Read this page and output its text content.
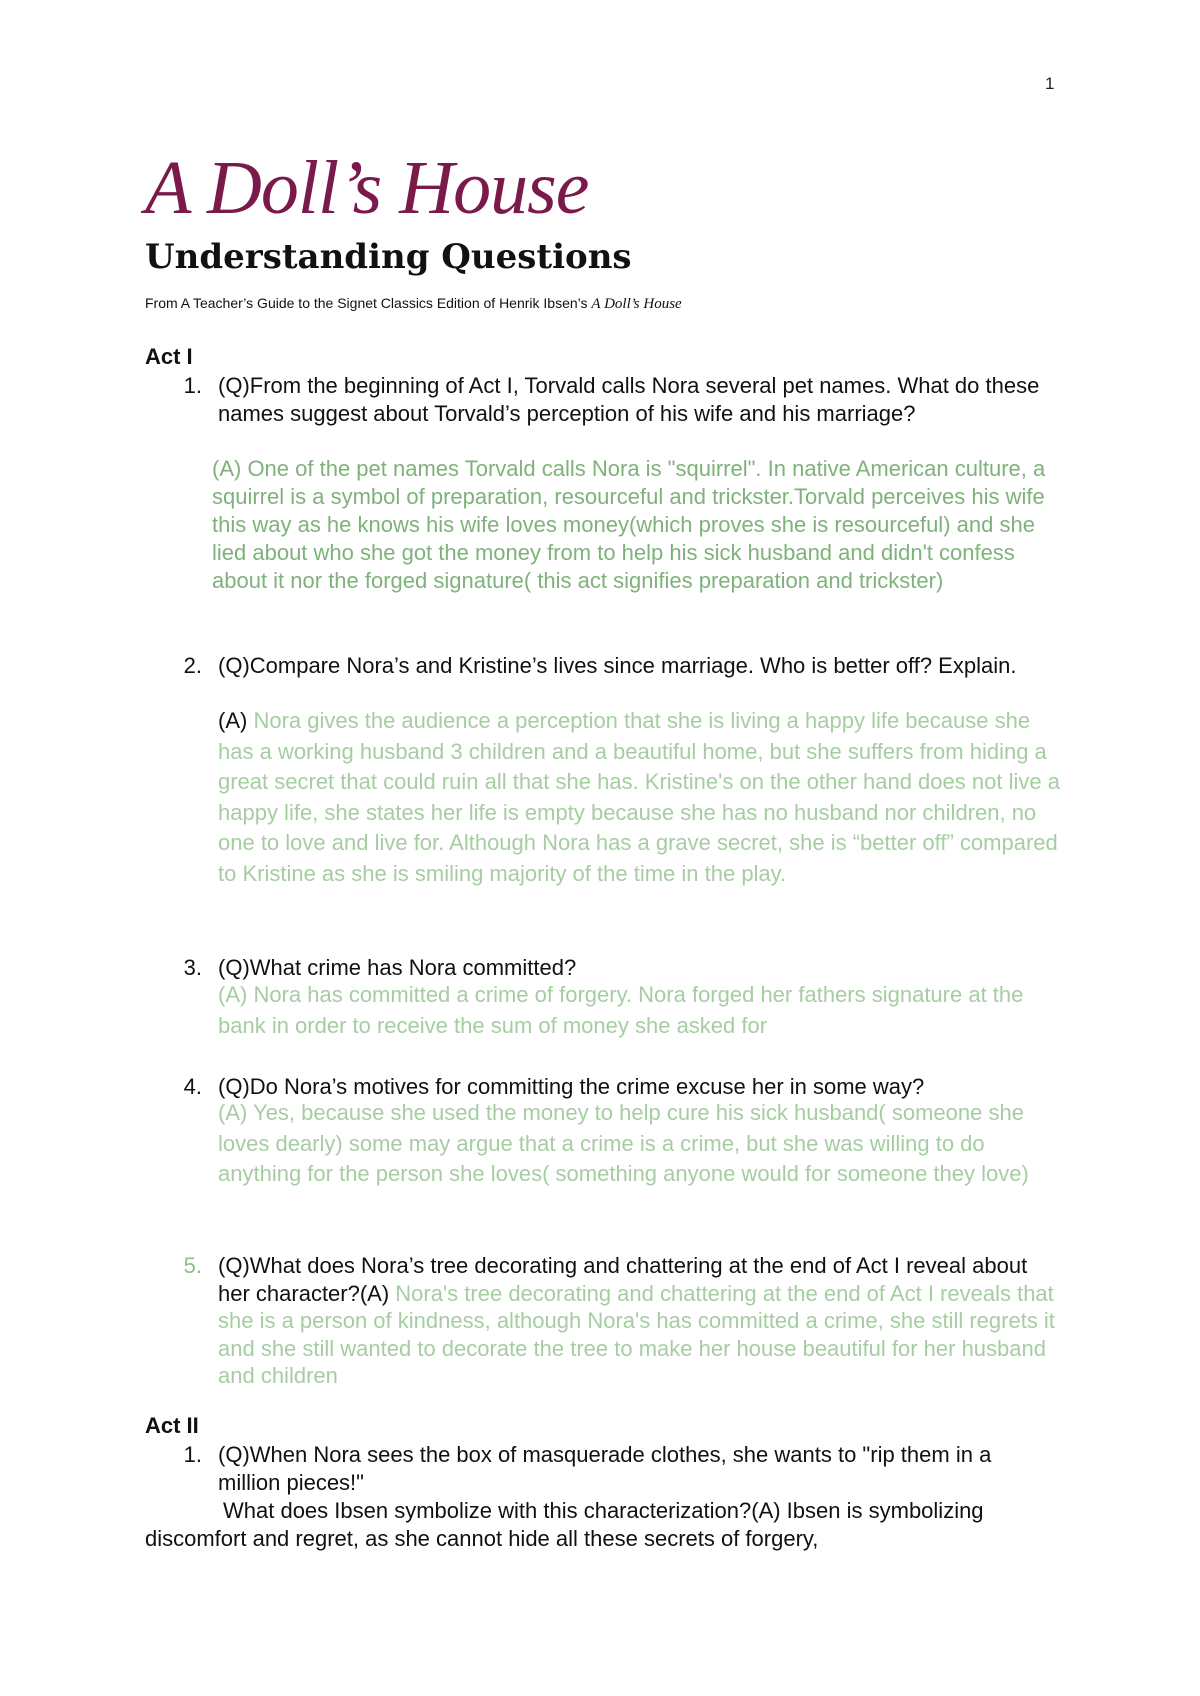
1
A Doll’s House
Understanding Questions
From A Teacher’s Guide to the Signet Classics Edition of Henrik Ibsen’s A Doll’s House
Act I
1. (Q)From the beginning of Act I, Torvald calls Nora several pet names. What do these names suggest about Torvald’s perception of his wife and his marriage?
(A) One of the pet names Torvald calls Nora is "squirrel". In native American culture, a squirrel is a symbol of preparation, resourceful and trickster.Torvald perceives his wife this way as he knows his wife loves money(which proves she is resourceful) and she lied about who she got the money from to help his sick husband and didn't confess about it nor the forged signature( this act signifies preparation and trickster)
2. (Q)Compare Nora’s and Kristine’s lives since marriage. Who is better off? Explain.
(A) Nora gives the audience a perception that she is living a happy life because she has a working husband 3 children and a beautiful home, but she suffers from hiding a great secret that could ruin all that she has. Kristine's on the other hand does not live a happy life, she states her life is empty because she has no husband nor children, no one to love and live for. Although Nora has a grave secret, she is “better off” compared to Kristine as she is smiling majority of the time in the play.
3. (Q)What crime has Nora committed?
(A) Nora has committed a crime of forgery. Nora forged her fathers signature at the bank in order to receive the sum of money she asked for
4. (Q)Do Nora’s motives for committing the crime excuse her in some way?
(A) Yes, because she used the money to help cure his sick husband( someone she loves dearly) some may argue that a crime is a crime, but she was willing to do anything for the person she loves( something anyone would for someone they love)
5. (Q)What does Nora’s tree decorating and chattering at the end of Act I reveal about her character?(A) Nora's tree decorating and chattering at the end of Act I reveals that she is a person of kindness, although Nora's has committed a crime, she still regrets it and she still wanted to decorate the tree to make her house beautiful for her husband and children
Act II
1. (Q)When Nora sees the box of masquerade clothes, she wants to "rip them in a million pieces!"
What does Ibsen symbolize with this characterization?(A) Ibsen is symbolizing discomfort and regret, as she cannot hide all these secrets of forgery,
